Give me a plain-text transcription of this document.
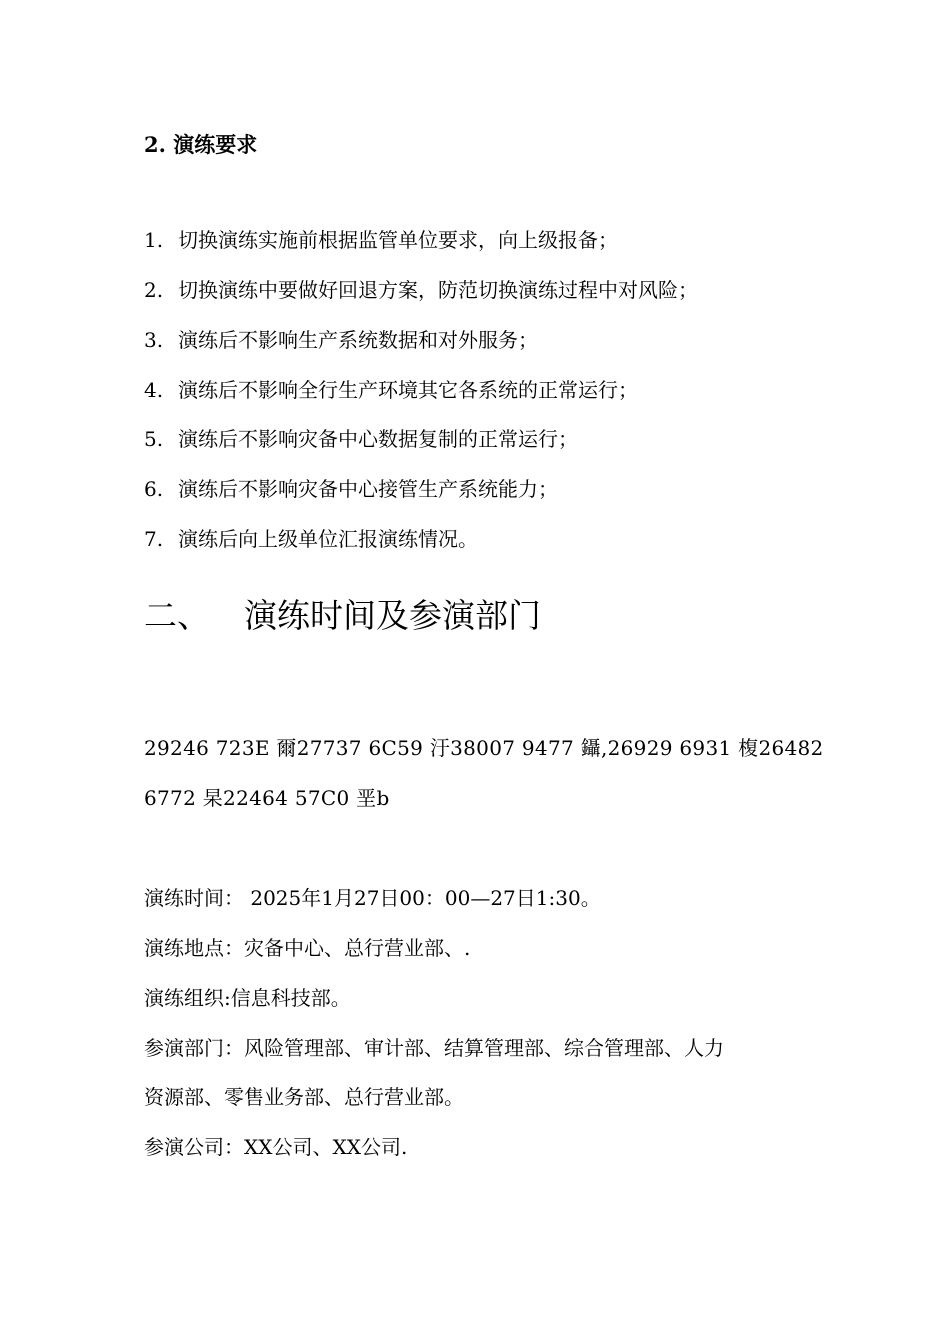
2. 演练要求

1. 切换演练实施前根据监管单位要求，向上级报备；

2. 切换演练中要做好回退方案，防范切换演练过程中对风险；

3. 演练后不影响生产系统数据和对外服务；

4. 演练后不影响全行生产环境其它各系统的正常运行；

5. 演练后不影响灾备中心数据复制的正常运行；

6. 演练后不影响灾备中心接管生产系统能力；

7. 演练后向上级单位汇报演练情况。

二、 演练时间及参演部门

29246 723E 爾27737 6C59 汙38007 9477 鑷,26929 6931 椱26482

6772 杲22464 57C0 垩b

演练时间： 2025年1月27日00：00—27日1:30。

演练地点：灾备中心、总行营业部、.

演练组织:信息科技部。

参演部门：风险管理部、审计部、结算管理部、综合管理部、人力

资源部、零售业务部、总行营业部。

参演公司：XX公司、XX公司.
